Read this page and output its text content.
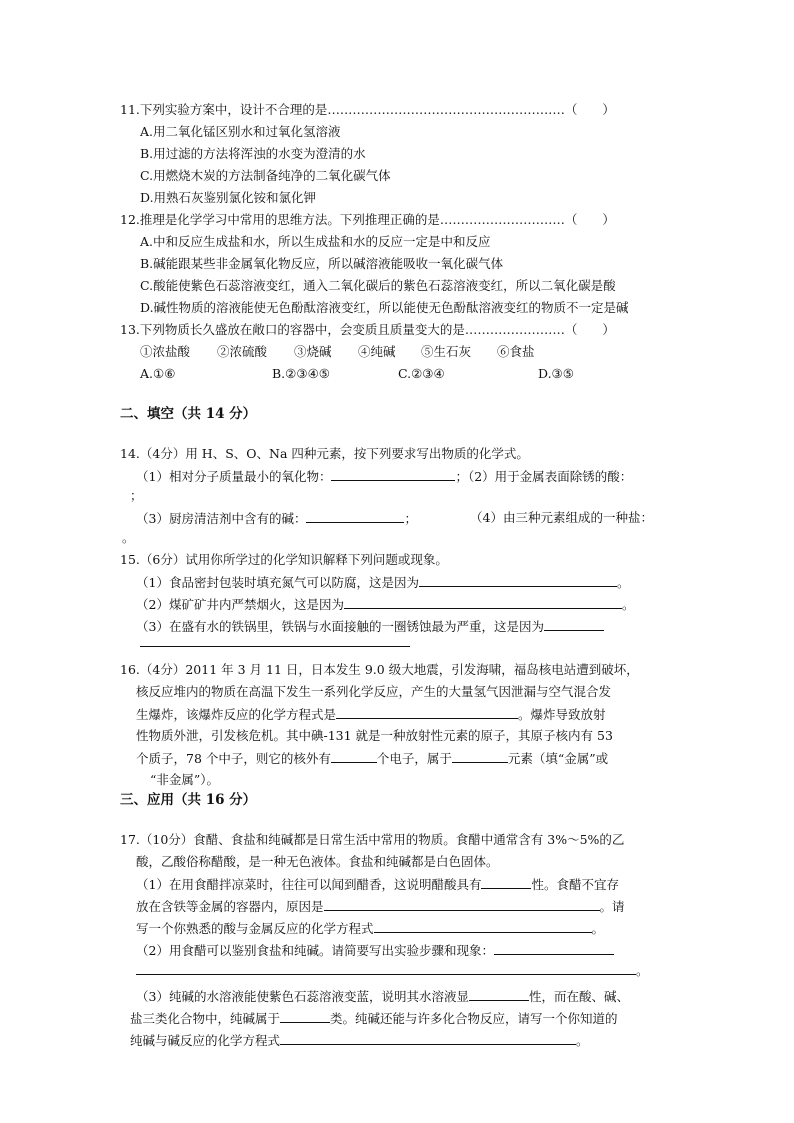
11.下列实验方案中，设计不合理的是…………………………………………………（　　）
A.用二氧化锰区别水和过氧化氢溶液
B.用过滤的方法将浑浊的水变为澄清的水
C.用燃烧木炭的方法制备纯净的二氧化碳气体
D.用熟石灰鉴别氯化铵和氯化钾
12.推理是化学学习中常用的思维方法。下列推理正确的是…………………………（　　）
A.中和反应生成盐和水，所以生成盐和水的反应一定是中和反应
B.碱能跟某些非金属氧化物反应，所以碱溶液能吸收一氧化碳气体
C.酸能使紫色石蕊溶液变红，通入二氧化碳后的紫色石蕊溶液变红，所以二氧化碳是酸
D.碱性物质的溶液能使无色酚酞溶液变红，所以能使无色酚酞溶液变红的物质不一定是碱
13.下列物质长久盛放在敞口的容器中，会变质且质量变大的是……………………（　　）
①浓盐酸 ②浓硫酸 ③烧碱 ④纯碱 ⑤生石灰 ⑥食盐
A.①⑥	B.②③④⑤	C.②③④	D.③⑤
二、填空（共 14 分）
14.（4分）用 H、S、O、Na 四种元素，按下列要求写出物质的化学式。
（1）相对分子质量最小的氧化物：	；（2）用于金属表面除锈的酸：
；
（3）厨房清洁剂中含有的碱：	；	（4）由三种元素组成的一种盐：
。
15.（6分）试用你所学过的化学知识解释下列问题或现象。
（1）食品密封包装时填充氮气可以防腐，这是因为	。
（2）煤矿矿井内严禁烟火，这是因为	。
（3）在盛有水的铁锅里，铁锅与水面接触的一圈锈蚀最为严重，这是因为
16.（4分）2011 年 3 月 11 日，日本发生 9.0 级大地震，引发海啸，福岛核电站遭到破坏，
核反应堆内的物质在高温下发生一系列化学反应，产生的大量氢气因泄漏与空气混合发
生爆炸，该爆炸反应的化学方程式是	。爆炸导致放射
性物质外泄，引发核危机。其中碘-131 就是一种放射性元素的原子，其原子核内有 53
个质子，78 个中子，则它的核外有	个电子，属于	元素（填“金属”或
“非金属”）。
三、应用（共 16 分）
17.（10分）食醋、食盐和纯碱都是日常生活中常用的物质。食醋中通常含有 3%～5%的乙
酸，乙酸俗称醋酸，是一种无色液体。食盐和纯碱都是白色固体。
（1）在用食醋拌凉菜时，往往可以闻到醋香，这说明醋酸具有	性。食醋不宜存
放在含铁等金属的容器内，原因是	。请
写一个你熟悉的酸与金属反应的化学方程式	。
（2）用食醋可以鉴别食盐和纯碱。请简要写出实验步骤和现象：
。
（3）纯碱的水溶液能使紫色石蕊溶液变蓝，说明其水溶液显	性，而在酸、碱、
盐三类化合物中，纯碱属于	类。纯碱还能与许多化合物反应，请写一个你知道的
纯碱与碱反应的化学方程式	。
